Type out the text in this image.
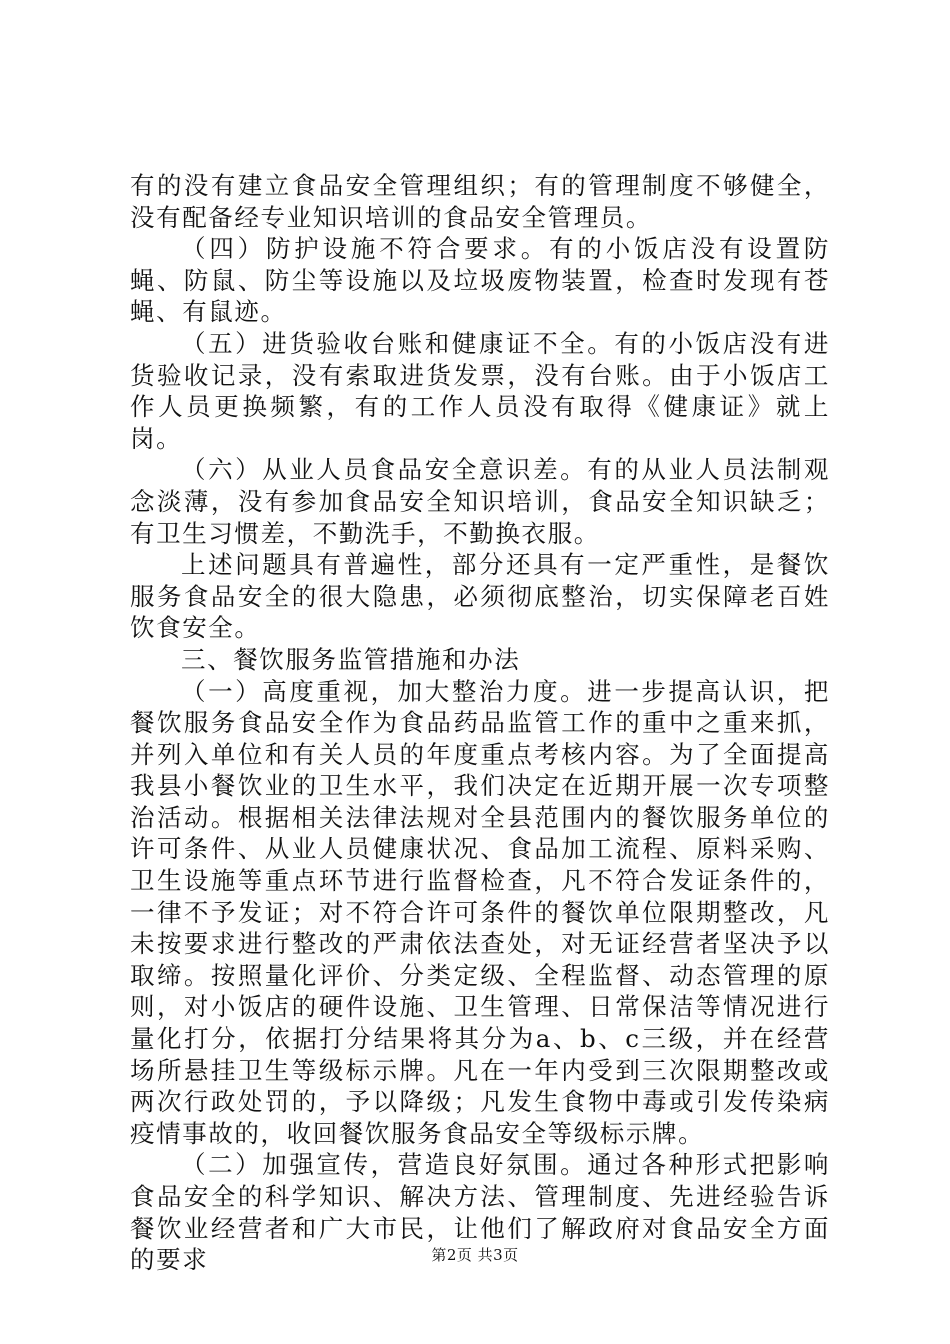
有的没有建立食品安全管理组织；有的管理制度不够健全，没有配备经专业知识培训的食品安全管理员。

（四）防护设施不符合要求。有的小饭店没有设置防蝇、防鼠、防尘等设施以及垃圾废物装置，检查时发现有苍蝇、有鼠迹。

（五）进货验收台账和健康证不全。有的小饭店没有进货验收记录，没有索取进货发票，没有台账。由于小饭店工作人员更换频繁，有的工作人员没有取得《健康证》就上岗。

（六）从业人员食品安全意识差。有的从业人员法制观念淡薄，没有参加食品安全知识培训，食品安全知识缺乏；有卫生习惯差，不勤洗手，不勤换衣服。

上述问题具有普遍性，部分还具有一定严重性，是餐饮服务食品安全的很大隐患，必须彻底整治，切实保障老百姓饮食安全。

三、餐饮服务监管措施和办法

（一）高度重视，加大整治力度。进一步提高认识，把餐饮服务食品安全作为食品药品监管工作的重中之重来抓，并列入单位和有关人员的年度重点考核内容。为了全面提高我县小餐饮业的卫生水平，我们决定在近期开展一次专项整治活动。根据相关法律法规对全县范围内的餐饮服务单位的许可条件、从业人员健康状况、食品加工流程、原料采购、卫生设施等重点环节进行监督检查，凡不符合发证条件的，一律不予发证；对不符合许可条件的餐饮单位限期整改，凡未按要求进行整改的严肃依法查处，对无证经营者坚决予以取缔。按照量化评价、分类定级、全程监督、动态管理的原则，对小饭店的硬件设施、卫生管理、日常保洁等情况进行量化打分，依据打分结果将其分为a、b、c三级，并在经营场所悬挂卫生等级标示牌。凡在一年内受到三次限期整改或两次行政处罚的，予以降级；凡发生食物中毒或引发传染病疫情事故的，收回餐饮服务食品安全等级标示牌。

（二）加强宣传，营造良好氛围。通过各种形式把影响食品安全的科学知识、解决方法、管理制度、先进经验告诉餐饮业经营者和广大市民，让他们了解政府对食品安全方面的要求	第2页 共3页
